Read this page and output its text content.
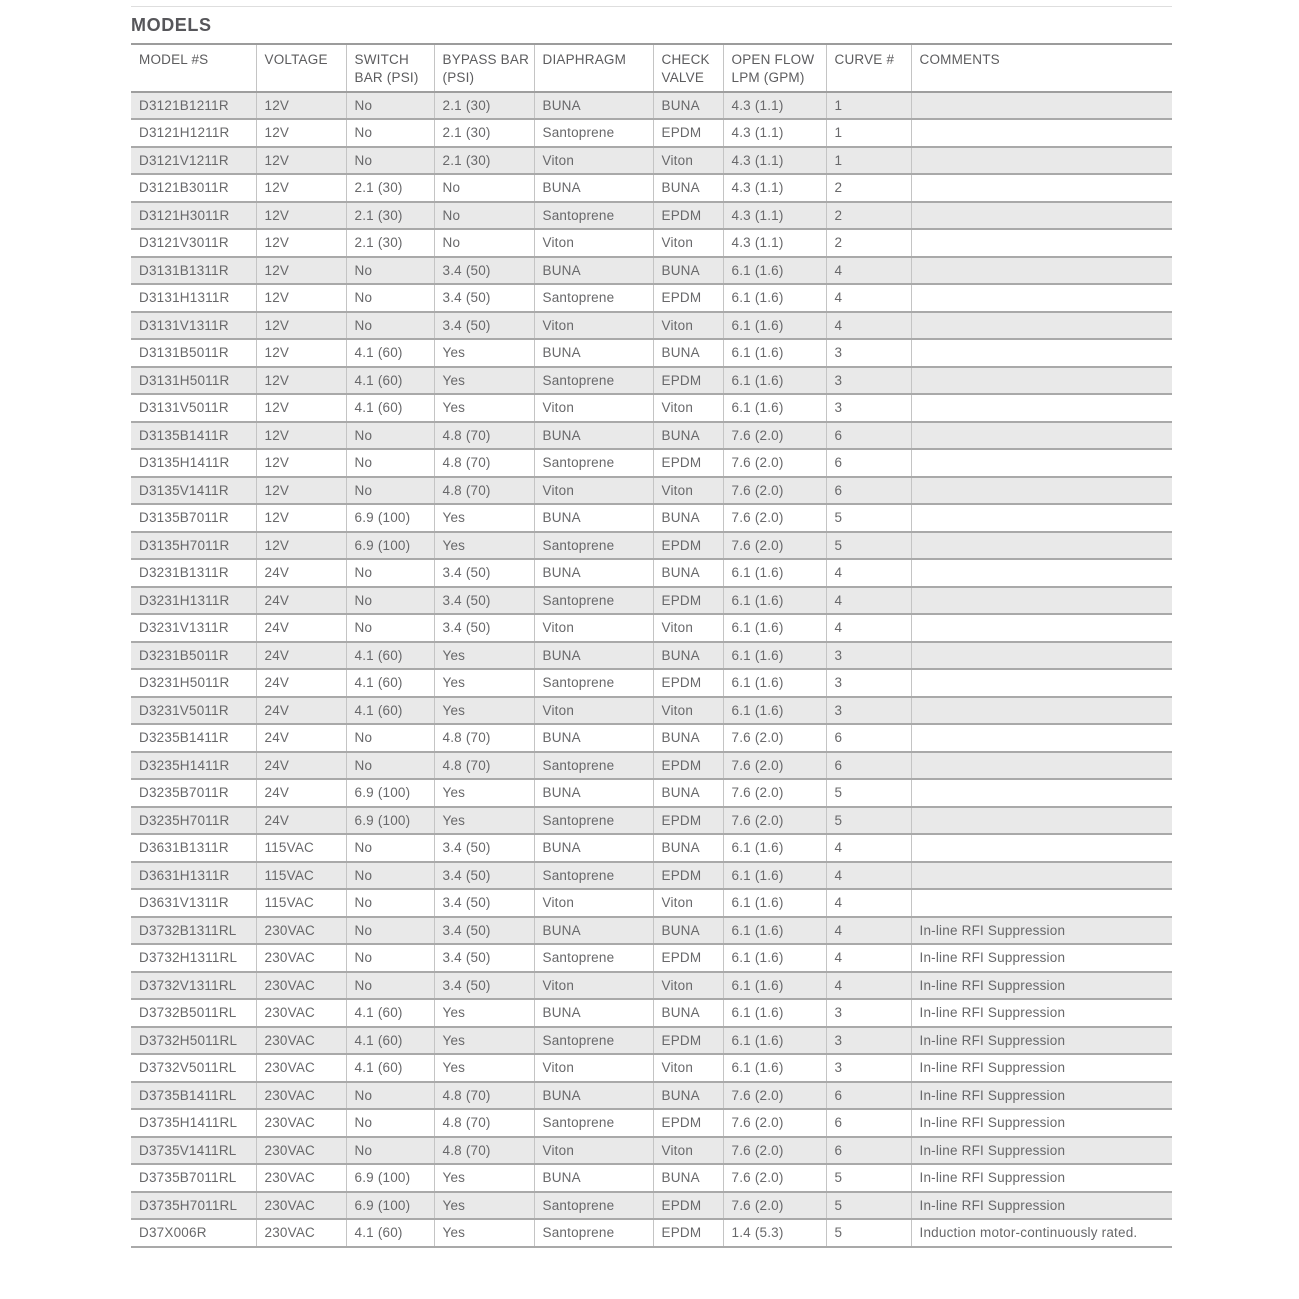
MODELS
MODEL #S	VOLTAGE	SWITCH BAR (PSI)	BYPASS BAR (PSI)	DIAPHRAGM	CHECK VALVE	OPEN FLOW LPM (GPM)	CURVE #	COMMENTS
D3121B1211R	12V	No	2.1 (30)	BUNA	BUNA	4.3 (1.1)	1	
D3121H1211R	12V	No	2.1 (30)	Santoprene	EPDM	4.3 (1.1)	1	
D3121V1211R	12V	No	2.1 (30)	Viton	Viton	4.3 (1.1)	1	
D3121B3011R	12V	2.1 (30)	No	BUNA	BUNA	4.3 (1.1)	2	
D3121H3011R	12V	2.1 (30)	No	Santoprene	EPDM	4.3 (1.1)	2	
D3121V3011R	12V	2.1 (30)	No	Viton	Viton	4.3 (1.1)	2	
D3131B1311R	12V	No	3.4 (50)	BUNA	BUNA	6.1 (1.6)	4	
D3131H1311R	12V	No	3.4 (50)	Santoprene	EPDM	6.1 (1.6)	4	
D3131V1311R	12V	No	3.4 (50)	Viton	Viton	6.1 (1.6)	4	
D3131B5011R	12V	4.1 (60)	Yes	BUNA	BUNA	6.1 (1.6)	3	
D3131H5011R	12V	4.1 (60)	Yes	Santoprene	EPDM	6.1 (1.6)	3	
D3131V5011R	12V	4.1 (60)	Yes	Viton	Viton	6.1 (1.6)	3	
D3135B1411R	12V	No	4.8 (70)	BUNA	BUNA	7.6 (2.0)	6	
D3135H1411R	12V	No	4.8 (70)	Santoprene	EPDM	7.6 (2.0)	6	
D3135V1411R	12V	No	4.8 (70)	Viton	Viton	7.6 (2.0)	6	
D3135B7011R	12V	6.9 (100)	Yes	BUNA	BUNA	7.6 (2.0)	5	
D3135H7011R	12V	6.9 (100)	Yes	Santoprene	EPDM	7.6 (2.0)	5	
D3231B1311R	24V	No	3.4 (50)	BUNA	BUNA	6.1 (1.6)	4	
D3231H1311R	24V	No	3.4 (50)	Santoprene	EPDM	6.1 (1.6)	4	
D3231V1311R	24V	No	3.4 (50)	Viton	Viton	6.1 (1.6)	4	
D3231B5011R	24V	4.1 (60)	Yes	BUNA	BUNA	6.1 (1.6)	3	
D3231H5011R	24V	4.1 (60)	Yes	Santoprene	EPDM	6.1 (1.6)	3	
D3231V5011R	24V	4.1 (60)	Yes	Viton	Viton	6.1 (1.6)	3	
D3235B1411R	24V	No	4.8 (70)	BUNA	BUNA	7.6 (2.0)	6	
D3235H1411R	24V	No	4.8 (70)	Santoprene	EPDM	7.6 (2.0)	6	
D3235B7011R	24V	6.9 (100)	Yes	BUNA	BUNA	7.6 (2.0)	5	
D3235H7011R	24V	6.9 (100)	Yes	Santoprene	EPDM	7.6 (2.0)	5	
D3631B1311R	115VAC	No	3.4 (50)	BUNA	BUNA	6.1 (1.6)	4	
D3631H1311R	115VAC	No	3.4 (50)	Santoprene	EPDM	6.1 (1.6)	4	
D3631V1311R	115VAC	No	3.4 (50)	Viton	Viton	6.1 (1.6)	4	
D3732B1311RL	230VAC	No	3.4 (50)	BUNA	BUNA	6.1 (1.6)	4	In-line RFI Suppression
D3732H1311RL	230VAC	No	3.4 (50)	Santoprene	EPDM	6.1 (1.6)	4	In-line RFI Suppression
D3732V1311RL	230VAC	No	3.4 (50)	Viton	Viton	6.1 (1.6)	4	In-line RFI Suppression
D3732B5011RL	230VAC	4.1 (60)	Yes	BUNA	BUNA	6.1 (1.6)	3	In-line RFI Suppression
D3732H5011RL	230VAC	4.1 (60)	Yes	Santoprene	EPDM	6.1 (1.6)	3	In-line RFI Suppression
D3732V5011RL	230VAC	4.1 (60)	Yes	Viton	Viton	6.1 (1.6)	3	In-line RFI Suppression
D3735B1411RL	230VAC	No	4.8 (70)	BUNA	BUNA	7.6 (2.0)	6	In-line RFI Suppression
D3735H1411RL	230VAC	No	4.8 (70)	Santoprene	EPDM	7.6 (2.0)	6	In-line RFI Suppression
D3735V1411RL	230VAC	No	4.8 (70)	Viton	Viton	7.6 (2.0)	6	In-line RFI Suppression
D3735B7011RL	230VAC	6.9 (100)	Yes	BUNA	BUNA	7.6 (2.0)	5	In-line RFI Suppression
D3735H7011RL	230VAC	6.9 (100)	Yes	Santoprene	EPDM	7.6 (2.0)	5	In-line RFI Suppression
D37X006R	230VAC	4.1 (60)	Yes	Santoprene	EPDM	1.4 (5.3)	5	Induction motor-continuously rated.
